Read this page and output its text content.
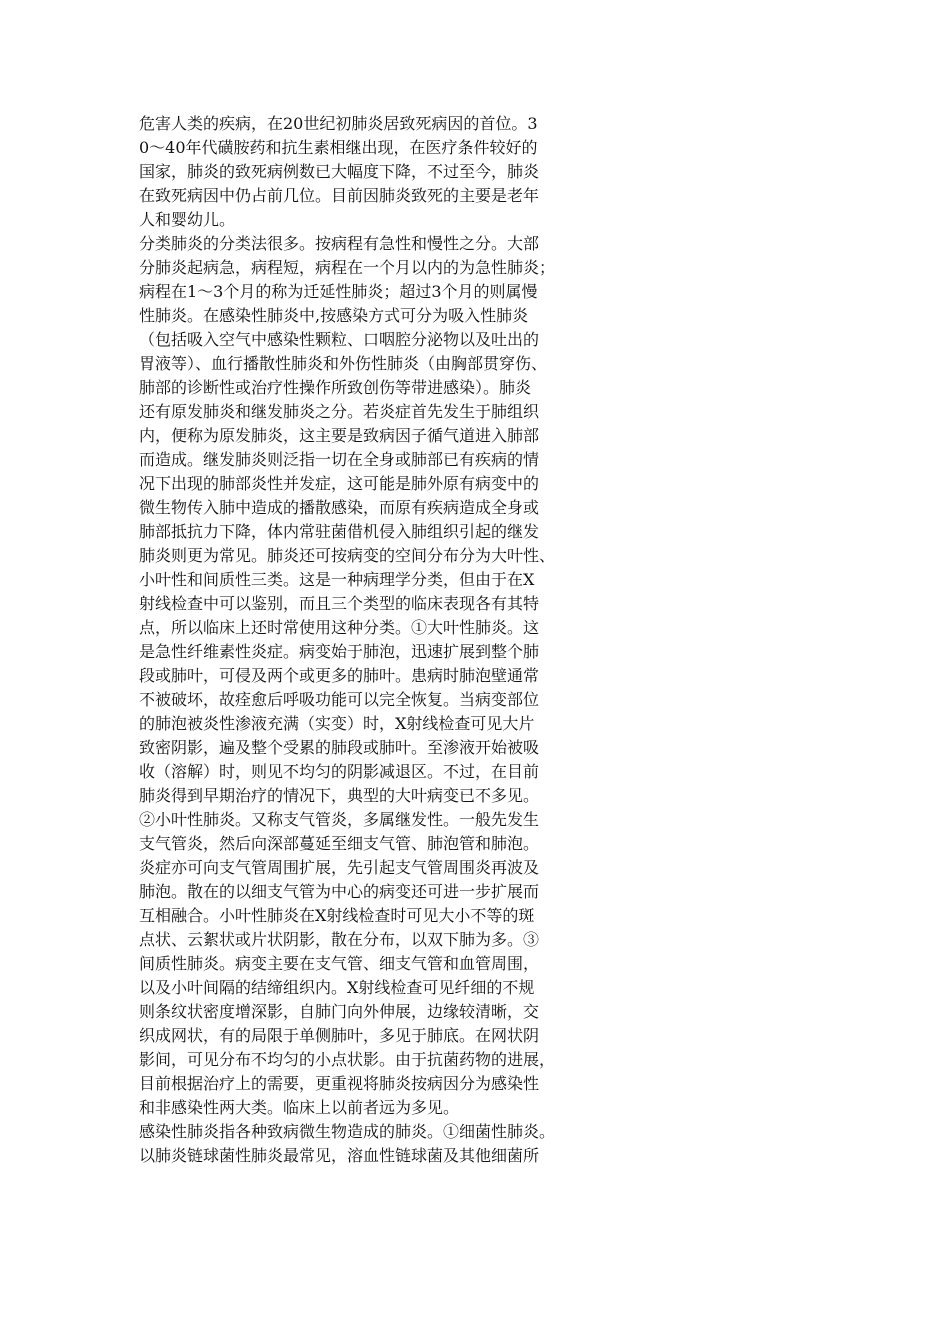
危害人类的疾病，在20世纪初肺炎居致死病因的首位。3
0～40年代磺胺药和抗生素相继出现，在医疗条件较好的
国家，肺炎的致死病例数已大幅度下降，不过至今，肺炎
在致死病因中仍占前几位。目前因肺炎致死的主要是老年
人和婴幼儿。
分类肺炎的分类法很多。按病程有急性和慢性之分。大部
分肺炎起病急，病程短，病程在一个月以内的为急性肺炎；
病程在1～3个月的称为迁延性肺炎；超过3个月的则属慢
性肺炎。在感染性肺炎中,按感染方式可分为吸入性肺炎
（包括吸入空气中感染性颗粒、口咽腔分泌物以及吐出的
胃液等）、血行播散性肺炎和外伤性肺炎（由胸部贯穿伤、
肺部的诊断性或治疗性操作所致创伤等带进感染）。肺炎
还有原发肺炎和继发肺炎之分。若炎症首先发生于肺组织
内，便称为原发肺炎，这主要是致病因子循气道进入肺部
而造成。继发肺炎则泛指一切在全身或肺部已有疾病的情
况下出现的肺部炎性并发症，这可能是肺外原有病变中的
微生物传入肺中造成的播散感染，而原有疾病造成全身或
肺部抵抗力下降，体内常驻菌借机侵入肺组织引起的继发
肺炎则更为常见。肺炎还可按病变的空间分布分为大叶性、
小叶性和间质性三类。这是一种病理学分类，但由于在X
射线检查中可以鉴别，而且三个类型的临床表现各有其特
点，所以临床上还时常使用这种分类。①大叶性肺炎。这
是急性纤维素性炎症。病变始于肺泡，迅速扩展到整个肺
段或肺叶，可侵及两个或更多的肺叶。患病时肺泡壁通常
不被破坏，故痊愈后呼吸功能可以完全恢复。当病变部位
的肺泡被炎性渗液充满（实变）时，X射线检查可见大片
致密阴影，遍及整个受累的肺段或肺叶。至渗液开始被吸
收（溶解）时，则见不均匀的阴影减退区。不过，在目前
肺炎得到早期治疗的情况下，典型的大叶病变已不多见。
②小叶性肺炎。又称支气管炎，多属继发性。一般先发生
支气管炎，然后向深部蔓延至细支气管、肺泡管和肺泡。
炎症亦可向支气管周围扩展，先引起支气管周围炎再波及
肺泡。散在的以细支气管为中心的病变还可进一步扩展而
互相融合。小叶性肺炎在X射线检查时可见大小不等的斑
点状、云絮状或片状阴影，散在分布，以双下肺为多。③
间质性肺炎。病变主要在支气管、细支气管和血管周围，
以及小叶间隔的结缔组织内。X射线检查可见纤细的不规
则条纹状密度增深影，自肺门向外伸展，边缘较清晰，交
织成网状，有的局限于单侧肺叶，多见于肺底。在网状阴
影间，可见分布不均匀的小点状影。由于抗菌药物的进展，
目前根据治疗上的需要，更重视将肺炎按病因分为感染性
和非感染性两大类。临床上以前者远为多见。
感染性肺炎指各种致病微生物造成的肺炎。①细菌性肺炎。
以肺炎链球菌性肺炎最常见，溶血性链球菌及其他细菌所
